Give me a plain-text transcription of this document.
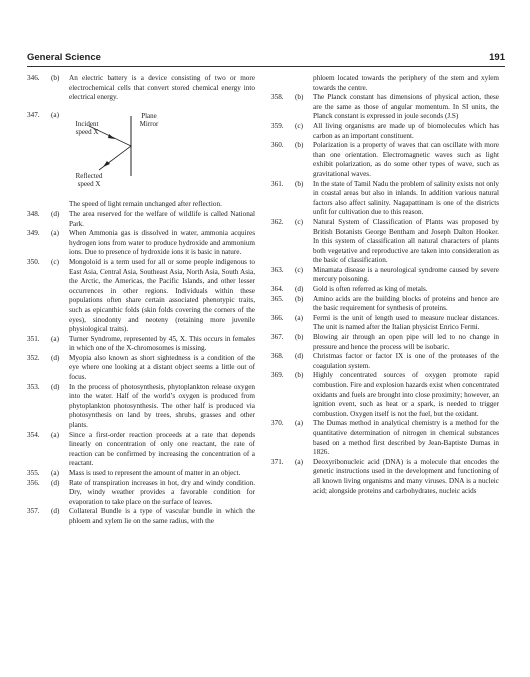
General Science	191
346.	(b)	An electric battery is a device consisting of two or more electrochemical cells that convert stored chemical energy into electrical energy.
347.	(a)	Plane Mirror
Incident speed X
Reflected speed X
The speed of light remain unchanged after reflection.
348.	(d)	The area reserved for the welfare of wildlife is called National Park.
349.	(a)	When Ammonia gas is dissolved in water, ammonia acquires hydrogen ions from water to produce hydroxide and ammonium ions. Due to presence of hydroxide ions it is basic in nature.
350.	(c)	Mongoloid is a term used for all or some people indigenous to East Asia, Central Asia, Southeast Asia, North Asia, South Asia, the Arctic, the Americas, the Pacific Islands, and other lesser occurrences in other regions. Individuals within these populations often share certain associated phenotypic traits, such as epicanthic folds (skin folds covering the corners of the eyes), sinodonty and neoteny (retaining more juvenile physiological traits).
351.	(a)	Turner Syndrome, represented by 45, X. This occurs in females in which one of the X-chromosomes is missing.
352.	(d)	Myopia also known as short sightedness is a condition of the eye where one looking at a distant object seems a little out of focus.
353.	(d)	In the process of photosynthesis, phytoplankton release oxygen into the water. Half of the world’s oxygen is produced from phytoplankton photosynthesis. The other half is produced via photosynthesis on land by trees, shrubs, grasses and other plants.
354.	(a)	Since a first-order reaction proceeds at a rate that depends linearly on concentration of only one reactant, the rate of reaction can be confirmed by increasing the concentration of a reactant.
355.	(a)	Mass is used to represent the amount of matter in an object.
356.	(d)	Rate of transpiration increases in hot, dry and windy condition. Dry, windy weather provides a favorable condition for evaporation to take place on the surface of leaves.
357.	(d)	Collateral Bundle is a type of vascular bundle in which the phloem and xylem lie on the same radius, with the
phloem located towards the periphery of the stem and xylem towards the centre.
358.	(b)	The Planck constant has dimensions of physical action, these are the same as those of angular momentum. In SI units, the Planck constant is expressed in joule seconds (J.S)
359.	(c)	All living organisms are made up of biomolecules which has carbon as an important constituent.
360.	(b)	Polarization is a property of waves that can oscillate with more than one orientation. Electromagnetic waves such as light exhibit polarization, as do some other types of wave, such as gravitational waves.
361.	(b)	In the state of Tamil Nadu the problem of salinity exists not only in coastal areas but also in inlands. In addition various natural factors also affect salinity. Nagapattinam is one of the districts unfit for cultivation due to this reason.
362.	(c)	Natural System of Classification of Plants was proposed by British Botanists George Bentham and Joseph Dalton Hooker. In this system of classification all natural characters of plants both vegetative and reproductive are taken into consideration as the basic of classification.
363.	(c)	Minamata disease is a neurological syndrome caused by severe mercury poisoning.
364.	(d)	Gold is often referred as king of metals.
365.	(b)	Amino acids are the building blocks of proteins and hence are the basic requirement for synthesis of proteins.
366.	(a)	Fermi is the unit of length used to measure nuclear distances. The unit is named after the Italian physicist Enrico Fermi.
367.	(b)	Blowing air through an open pipe will led to no change in pressure and hence the process will be isobaric.
368.	(d)	Christmas factor or factor IX is one of the proteases of the coagulation system.
369.	(b)	Highly concentrated sources of oxygen promote rapid combustion. Fire and explosion hazards exist when concentrated oxidants and fuels are brought into close proximity; however, an ignition event, such as heat or a spark, is needed to trigger combustion. Oxygen itself is not the fuel, but the oxidant.
370.	(a)	The Dumas method in analytical chemistry is a method for the quantitative determination of nitrogen in chemical substances based on a method first described by Jean-Baptiste Dumas in 1826.
371.	(a)	Deoxyribonucleic acid (DNA) is a molecule that encodes the genetic instructions used in the development and functioning of all known living organisms and many viruses. DNA is a nucleic acid; alongside proteins and carbohydrates, nucleic acids
